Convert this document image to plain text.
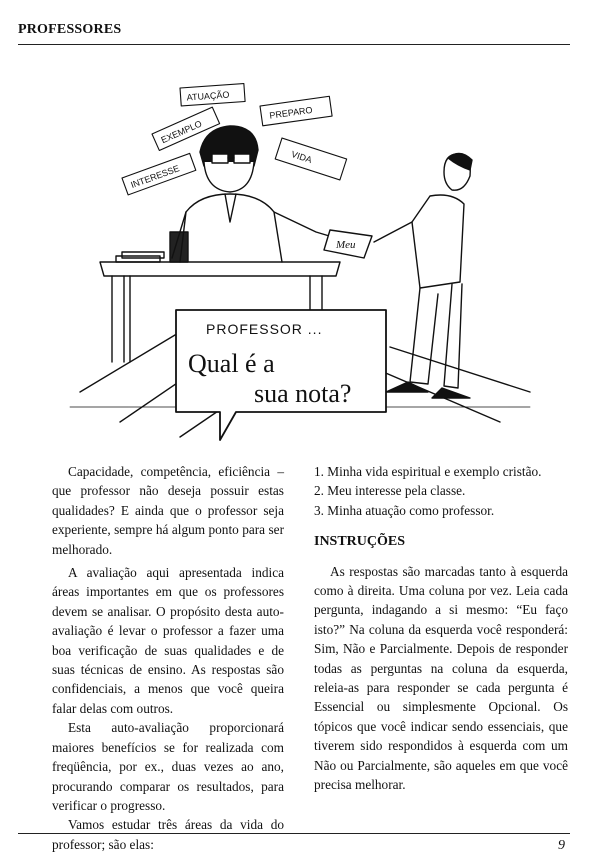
PROFESSORES
Meu
ATUAÇÃO
EXEMPLO
INTERESSE
PREPARO
VIDA
PROFESSOR ...
Qual é a
sua nota?

Capacidade, competência, eficiência – que professor não deseja possuir estas qualidades? E ainda que o professor seja experiente, sempre há algum ponto para ser melhorado.

A avaliação aqui apresentada indica áreas importantes em que os professores devem se analisar. O propósito desta auto-avaliação é levar o professor a fazer uma boa verificação de suas qualidades e de suas técnicas de ensino. As respostas são confidenciais, a menos que você queira falar delas com outros.

Esta auto-avaliação proporcionará maiores benefícios se for realizada com freqüência, por ex., duas vezes ao ano, procurando comparar os resultados, para verificar o progresso.

Vamos estudar três áreas da vida do professor; são elas:

1. Minha vida espiritual e exemplo cristão.
2. Meu interesse pela classe.
3. Minha atuação como professor.
INSTRUÇÕES

As respostas são marcadas tanto à esquerda como à direita. Uma coluna por vez. Leia cada pergunta, indagando a si mesmo: “Eu faço isto?” Na coluna da esquerda você responderá: Sim, Não e Parcialmente. Depois de responder todas as perguntas na coluna da esquerda, releia-as para responder se cada pergunta é Essencial ou simplesmente Opcional. Os tópicos que você indicar sendo essenciais, que tiverem sido respondidos à esquerda com um Não ou Parcialmente, são aqueles em que você precisa melhorar.

9
